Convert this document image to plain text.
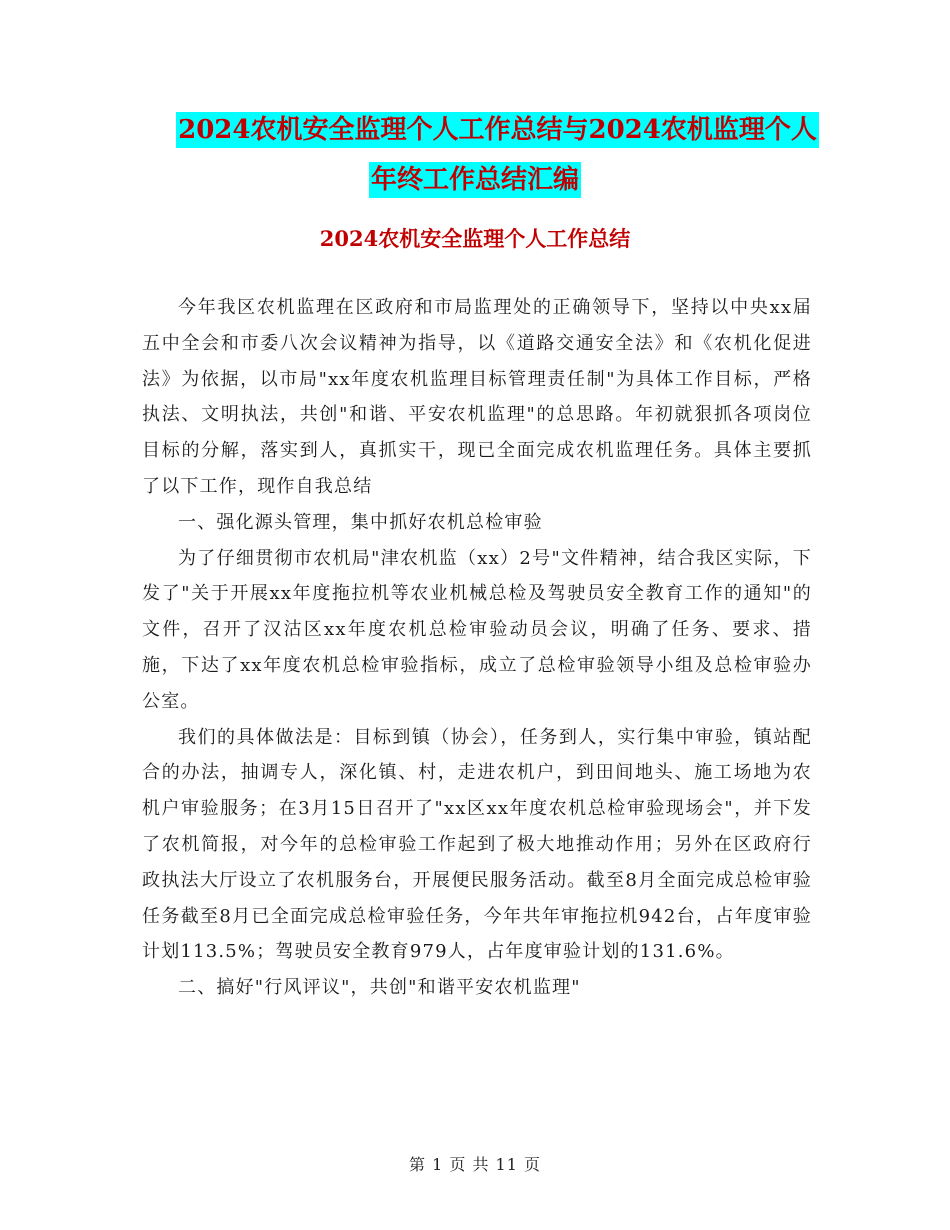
2024农机安全监理个人工作总结与2024农机监理个人
年终工作总结汇编
2024农机安全监理个人工作总结

今年我区农机监理在区政府和市局监理处的正确领导下，坚持以中央xx届五中全会和市委八次会议精神为指导，以《道路交通安全法》和《农机化促进法》为依据，以市局"xx年度农机监理目标管理责任制"为具体工作目标，严格执法、文明执法，共创"和谐、平安农机监理"的总思路。年初就狠抓各项岗位目标的分解，落实到人，真抓实干，现已全面完成农机监理任务。具体主要抓了以下工作，现作自我总结

一、强化源头管理，集中抓好农机总检审验

为了仔细贯彻市农机局"津农机监（xx）2号"文件精神，结合我区实际，下发了"关于开展xx年度拖拉机等农业机械总检及驾驶员安全教育工作的通知"的文件，召开了汉沽区xx年度农机总检审验动员会议，明确了任务、要求、措施，下达了xx年度农机总检审验指标，成立了总检审验领导小组及总检审验办公室。

我们的具体做法是：目标到镇（协会），任务到人，实行集中审验，镇站配合的办法，抽调专人，深化镇、村，走进农机户，到田间地头、施工场地为农机户审验服务；在3月15日召开了"xx区xx年度农机总检审验现场会"，并下发了农机简报，对今年的总检审验工作起到了极大地推动作用；另外在区政府行政执法大厅设立了农机服务台，开展便民服务活动。截至8月全面完成总检审验任务截至8月已全面完成总检审验任务，今年共年审拖拉机942台，占年度审验计划113.5%；驾驶员安全教育979人，占年度审验计划的131.6%。

二、搞好"行风评议"，共创"和谐平安农机监理"

第 1 页 共 11 页
